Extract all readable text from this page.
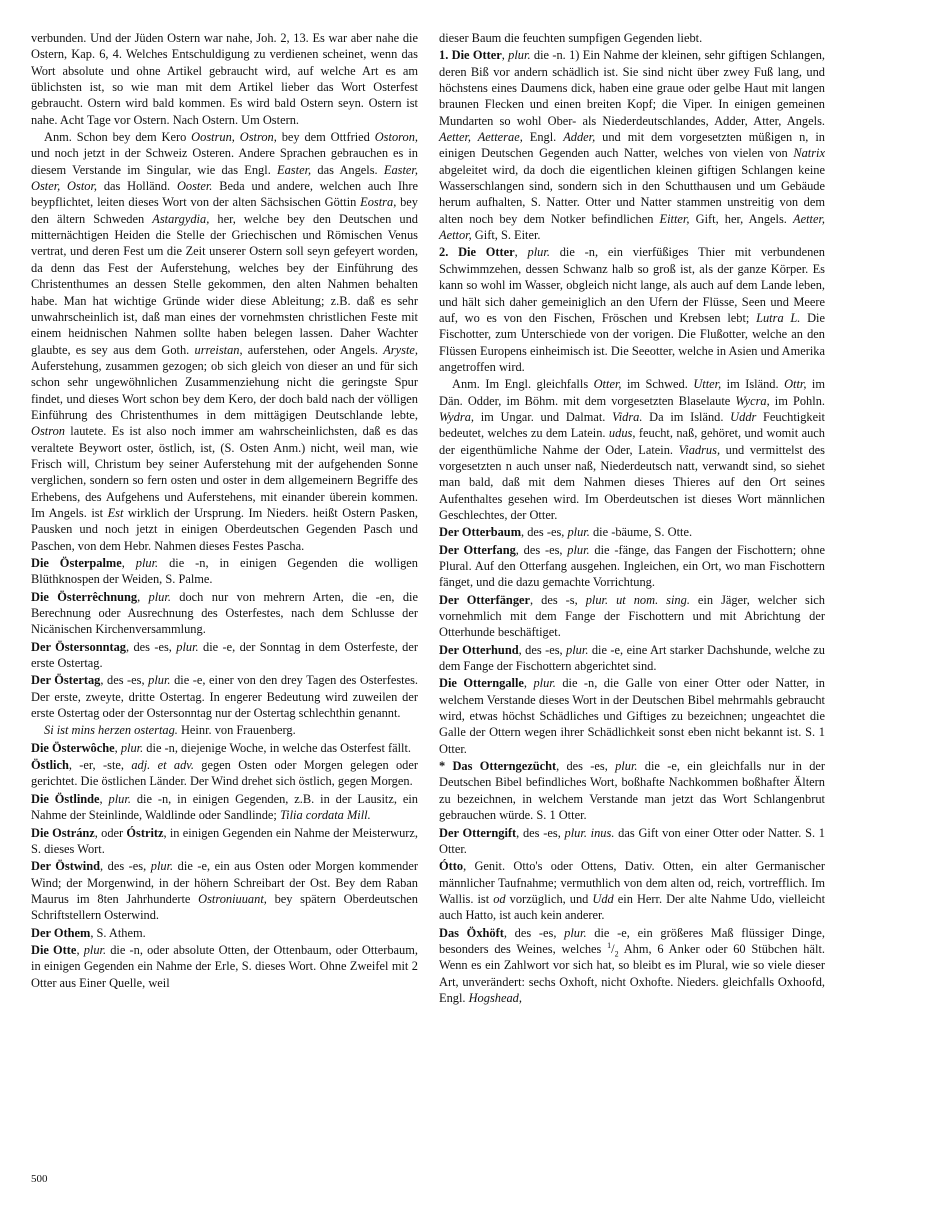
verbunden. Und der Jüden Ostern war nahe, Joh. 2, 13. Es war aber nahe die Ostern, Kap. 6, 4. Welches Entschuldigung zu verdienen scheinet, wenn das Wort absolute und ohne Artikel gebraucht wird, auf welche Art es am üblichsten ist, so wie man mit dem Artikel lieber das Wort Osterfest gebraucht. Ostern wird bald kommen. Es wird bald Ostern seyn. Ostern ist nahe. Acht Tage vor Ostern. Nach Ostern. Um Ostern.

Anm. Schon bey dem Kero Oostrun, Ostron, bey dem Ottfried Ostoron, und noch jetzt in der Schweiz Osteren. Andere Sprachen gebrauchen es in diesem Verstande im Singular, wie das Engl. Easter, das Angels. Easter, Oster, Ostor, das Holländ. Ooster. Beda und andere, welchen auch Ihre beypflichtet, leiten dieses Wort von der alten Sächsischen Göttin Eostra, bey den ältern Schweden Astargydia, her, welche bey den Deutschen und mitternächtigen Heiden die Stelle der Griechischen und Römischen Venus vertrat, und deren Fest um die Zeit unserer Ostern soll seyn gefeyert worden, da denn das Fest der Auferstehung, welches bey der Einführung des Christenthumes an dessen Stelle gekommen, den alten Nahmen behalten habe. Man hat wichtige Gründe wider diese Ableitung; z.B. daß es sehr unwahrscheinlich ist, daß man eines der vornehmsten christlichen Feste mit einem heidnischen Nahmen sollte haben belegen lassen. Daher Wachter glaubte, es sey aus dem Goth. urreistan, auferstehen, oder Angels. Aryste, Auferstehung, zusammen gezogen; ob sich gleich von dieser an und für sich schon sehr ungewöhnlichen Zusammenziehung nicht die geringste Spur findet, und dieses Wort schon bey dem Kero, der doch bald nach der völligen Einführung des Christenthumes in dem mittägigen Deutschlande lebte, Ostron lautete. Es ist also noch immer am wahrscheinlichsten, daß es das veraltete Beywort oster, östlich, ist, (S. Osten Anm.) nicht, weil man, wie Frisch will, Christum bey seiner Auferstehung mit der aufgehenden Sonne verglichen, sondern so fern osten und oster in dem allgemeinern Begriffe des Erhebens, des Aufgehens und Auferstehens, mit einander überein kommen. Im Angels. ist Est wirklich der Ursprung. Im Nieders. heißt Ostern Pasken, Pausken und noch jetzt in einigen Oberdeutschen Gegenden Pasch und Paschen, von dem Hebr. Nahmen dieses Festes Pascha.

Die Österpalme, plur. die -n, in einigen Gegenden die wolligen Blüthknospen der Weiden, S. Palme.

Die Österrêchnung, plur. doch nur von mehrern Arten, die -en, die Berechnung oder Ausrechnung des Osterfestes, nach dem Schlusse der Nicänischen Kirchenversammlung.

Der Östersonntag, des -es, plur. die -e, der Sonntag in dem Osterfeste, der erste Ostertag.

Der Östertag, des -es, plur. die -e, einer von den drey Tagen des Osterfestes. Der erste, zweyte, dritte Ostertag. In engerer Bedeutung wird zuweilen der erste Ostertag oder der Ostersonntag nur der Ostertag schlechthin genannt.

Si ist mins herzen ostertag. Heinr. von Frauenberg.

Die Österwôche, plur. die -n, diejenige Woche, in welche das Osterfest fällt.

Östlich, -er, -ste, adj. et adv. gegen Osten oder Morgen gelegen oder gerichtet. Die östlichen Länder. Der Wind drehet sich östlich, gegen Morgen.

Die Östlinde, plur. die -n, in einigen Gegenden, z.B. in der Lausitz, ein Nahme der Steinlinde, Waldlinde oder Sandlinde; Tilia cordata Mill.

Die Ostránz, oder Óstritz, in einigen Gegenden ein Nahme der Meisterwurz, S. dieses Wort.

Der Östwind, des -es, plur. die -e, ein aus Osten oder Morgen kommender Wind; der Morgenwind, in der höhern Schreibart der Ost. Bey dem Raban Maurus im 8ten Jahrhunderte Ostroniuuant, bey spätern Oberdeutschen Schriftstellern Osterwind.

Der Othem, S. Athem.

Die Otte, plur. die -n, oder absolute Otten, der Ottenbaum, oder Otterbaum, in einigen Gegenden ein Nahme der Erle, S. dieses Wort. Ohne Zweifel mit 2 Otter aus Einer Quelle, weil

dieser Baum die feuchten sumpfigen Gegenden liebt.

1. Die Otter, plur. die -n. 1) Ein Nahme der kleinen, sehr giftigen Schlangen, deren Biß vor andern schädlich ist. Sie sind nicht über zwey Fuß lang, und höchstens eines Daumens dick, haben eine graue oder gelbe Haut mit langen braunen Flecken und einen breiten Kopf; die Viper. In einigen gemeinen Mundarten so wohl Ober- als Niederdeutschlandes, Adder, Atter, Angels. Aetter, Aetterae, Engl. Adder, und mit dem vorgesetzten müßigen n, in einigen Deutschen Gegenden auch Natter, welches von vielen von Natrix abgeleitet wird, da doch die eigentlichen kleinen giftigen Schlangen keine Wasserschlangen sind, sondern sich in den Schutthausen und um Gebäude herum aufhalten, S. Natter. Otter und Natter stammen unstreitig von dem alten noch bey dem Notker befindlichen Eitter, Gift, her, Angels. Aetter, Aettor, Gift, S. Eiter.

2. Die Otter, plur. die -n, ein vierfüßiges Thier mit verbundenen Schwimmzehen, dessen Schwanz halb so groß ist, als der ganze Körper. Es kann so wohl im Wasser, obgleich nicht lange, als auch auf dem Lande leben, und hält sich daher gemeiniglich an den Ufern der Flüsse, Seen und Meere auf, wo es von den Fischen, Fröschen und Krebsen lebt; Lutra L. Die Fischotter, zum Unterschiede von der vorigen. Die Flußotter, welche an den Flüssen Europens einheimisch ist. Die Seeotter, welche in Asien und Amerika angetroffen wird.

Anm. Im Engl. gleichfalls Otter, im Schwed. Utter, im Isländ. Ottr, im Dän. Odder, im Böhm. mit dem vorgesetzten Blaselaute Wycra, im Pohln. Wydra, im Ungar. und Dalmat. Vidra. Da im Isländ. Uddr Feuchtigkeit bedeutet, welches zu dem Latein. udus, feucht, naß, gehöret, und womit auch der eigenthümliche Nahme der Oder, Latein. Viadrus, und vermittelst des vorgesetzten n auch unser naß, Niederdeutsch natt, verwandt sind, so siehet man bald, daß mit dem Nahmen dieses Thieres auf den Ort seines Aufenthaltes gesehen wird. Im Oberdeutschen ist dieses Wort männlichen Geschlechtes, der Otter.

Der Otterbaum, des -es, plur. die -bäume, S. Otte.

Der Otterfang, des -es, plur. die -fänge, das Fangen der Fischottern; ohne Plural. Auf den Otterfang ausgehen. Ingleichen, ein Ort, wo man Fischottern fänget, und die dazu gemachte Vorrichtung.

Der Otterfänger, des -s, plur. ut nom. sing. ein Jäger, welcher sich vornehmlich mit dem Fange der Fischottern und mit Abrichtung der Otterhunde beschäftiget.

Der Otterhund, des -es, plur. die -e, eine Art starker Dachshunde, welche zu dem Fange der Fischottern abgerichtet sind.

Die Otterngalle, plur. die -n, die Galle von einer Otter oder Natter, in welchem Verstande dieses Wort in der Deutschen Bibel mehrmahls gebraucht wird, etwas höchst Schädliches und Giftiges zu bezeichnen; ungeachtet die Galle der Ottern wegen ihrer Schädlichkeit sonst eben nicht bekannt ist. S. 1 Otter.

* Das Otterngezücht, des -es, plur. die -e, ein gleichfalls nur in der Deutschen Bibel befindliches Wort, boßhafte Nachkommen boßhafter Ältern zu bezeichnen, in welchem Verstande man jetzt das Wort Schlangenbrut gebrauchen würde. S. 1 Otter.

Der Otterngift, des -es, plur. inus. das Gift von einer Otter oder Natter. S. 1 Otter.

Ótto, Genit. Otto's oder Ottens, Dativ. Otten, ein alter Germanischer männlicher Taufnahme; vermuthlich von dem alten od, reich, vortrefflich. Im Wallis. ist od vorzüglich, und Udd ein Herr. Der alte Nahme Udo, vielleicht auch Hatto, ist auch kein anderer.

Das Öxhöft, des -es, plur. die -e, ein größeres Maß flüssiger Dinge, besonders des Weines, welches $^1/_2$ Ahm, 6 Anker oder 60 Stübchen hält. Wenn es ein Zahlwort vor sich hat, so bleibt es im Plural, wie so viele dieser Art, unverändert: sechs Oxhoft, nicht Oxhofte. Nieders. gleichfalls Oxhoofd, Engl. Hogshead,

500
